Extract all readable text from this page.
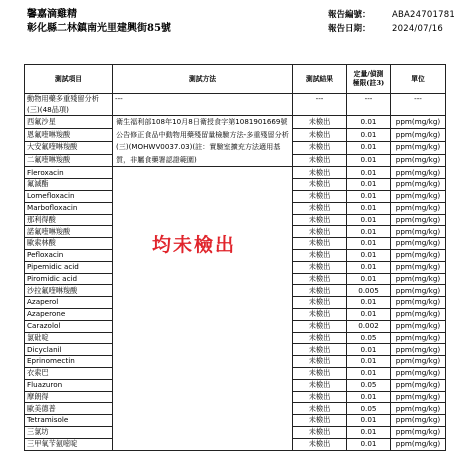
馨嘉滴雞精
彰化縣二林鎮南光里建興街85號
報告編號：	ABA24701781
報告日期：	2024/07/16
測試項目	測試方法	測試結果	定量/偵測
極限(註3)	單位
動物用藥多重殘留分析(三)(48品項)	---	---	---	---
西氟沙星	衛生福利部108年10月8日衛授食字第1081901669號公告修正食品中動物用藥殘留量檢驗方法-多重殘留分析(三)(MOHWV0037.03)(註：實驗室擴充方法適用基質，非屬食藥署認證範圍)	未檢出	0.01	ppm(mg/kg)
恩氟喹啉羧酸		未檢出	0.01	ppm(mg/kg)
大安氟喹啉羧酸		未檢出	0.01	ppm(mg/kg)
二氟喹啉羧酸		未檢出	0.01	ppm(mg/kg)
Fleroxacin		未檢出	0.01	ppm(mg/kg)
氟滅酯		未檢出	0.01	ppm(mg/kg)
Lomefloxacin		未檢出	0.01	ppm(mg/kg)
Marbofloxacin		未檢出	0.01	ppm(mg/kg)
那利得酸		未檢出	0.01	ppm(mg/kg)
諾氟喹啉羧酸		未檢出	0.01	ppm(mg/kg)
歐索林酸		未檢出	0.01	ppm(mg/kg)
Pefloxacin		未檢出	0.01	ppm(mg/kg)
Pipemidic acid		未檢出	0.01	ppm(mg/kg)
Piromidic acid		未檢出	0.01	ppm(mg/kg)
沙拉氟喹啉羧酸		未檢出	0.005	ppm(mg/kg)
Azaperol		未檢出	0.01	ppm(mg/kg)
Azaperone		未檢出	0.01	ppm(mg/kg)
Carazolol		未檢出	0.002	ppm(mg/kg)
氯砒啶		未檢出	0.05	ppm(mg/kg)
Dicyclanil		未檢出	0.01	ppm(mg/kg)
Eprinomectin		未檢出	0.01	ppm(mg/kg)
衣索巴		未檢出	0.01	ppm(mg/kg)
Fluazuron		未檢出	0.05	ppm(mg/kg)
摩朗得		未檢出	0.01	ppm(mg/kg)
歐美德普		未檢出	0.05	ppm(mg/kg)
Tetramisole		未檢出	0.01	ppm(mg/kg)
三氯坊		未檢出	0.01	ppm(mg/kg)
三甲氧苄氨嘧啶		未檢出	0.01	ppm(mg/kg)
均未檢出
